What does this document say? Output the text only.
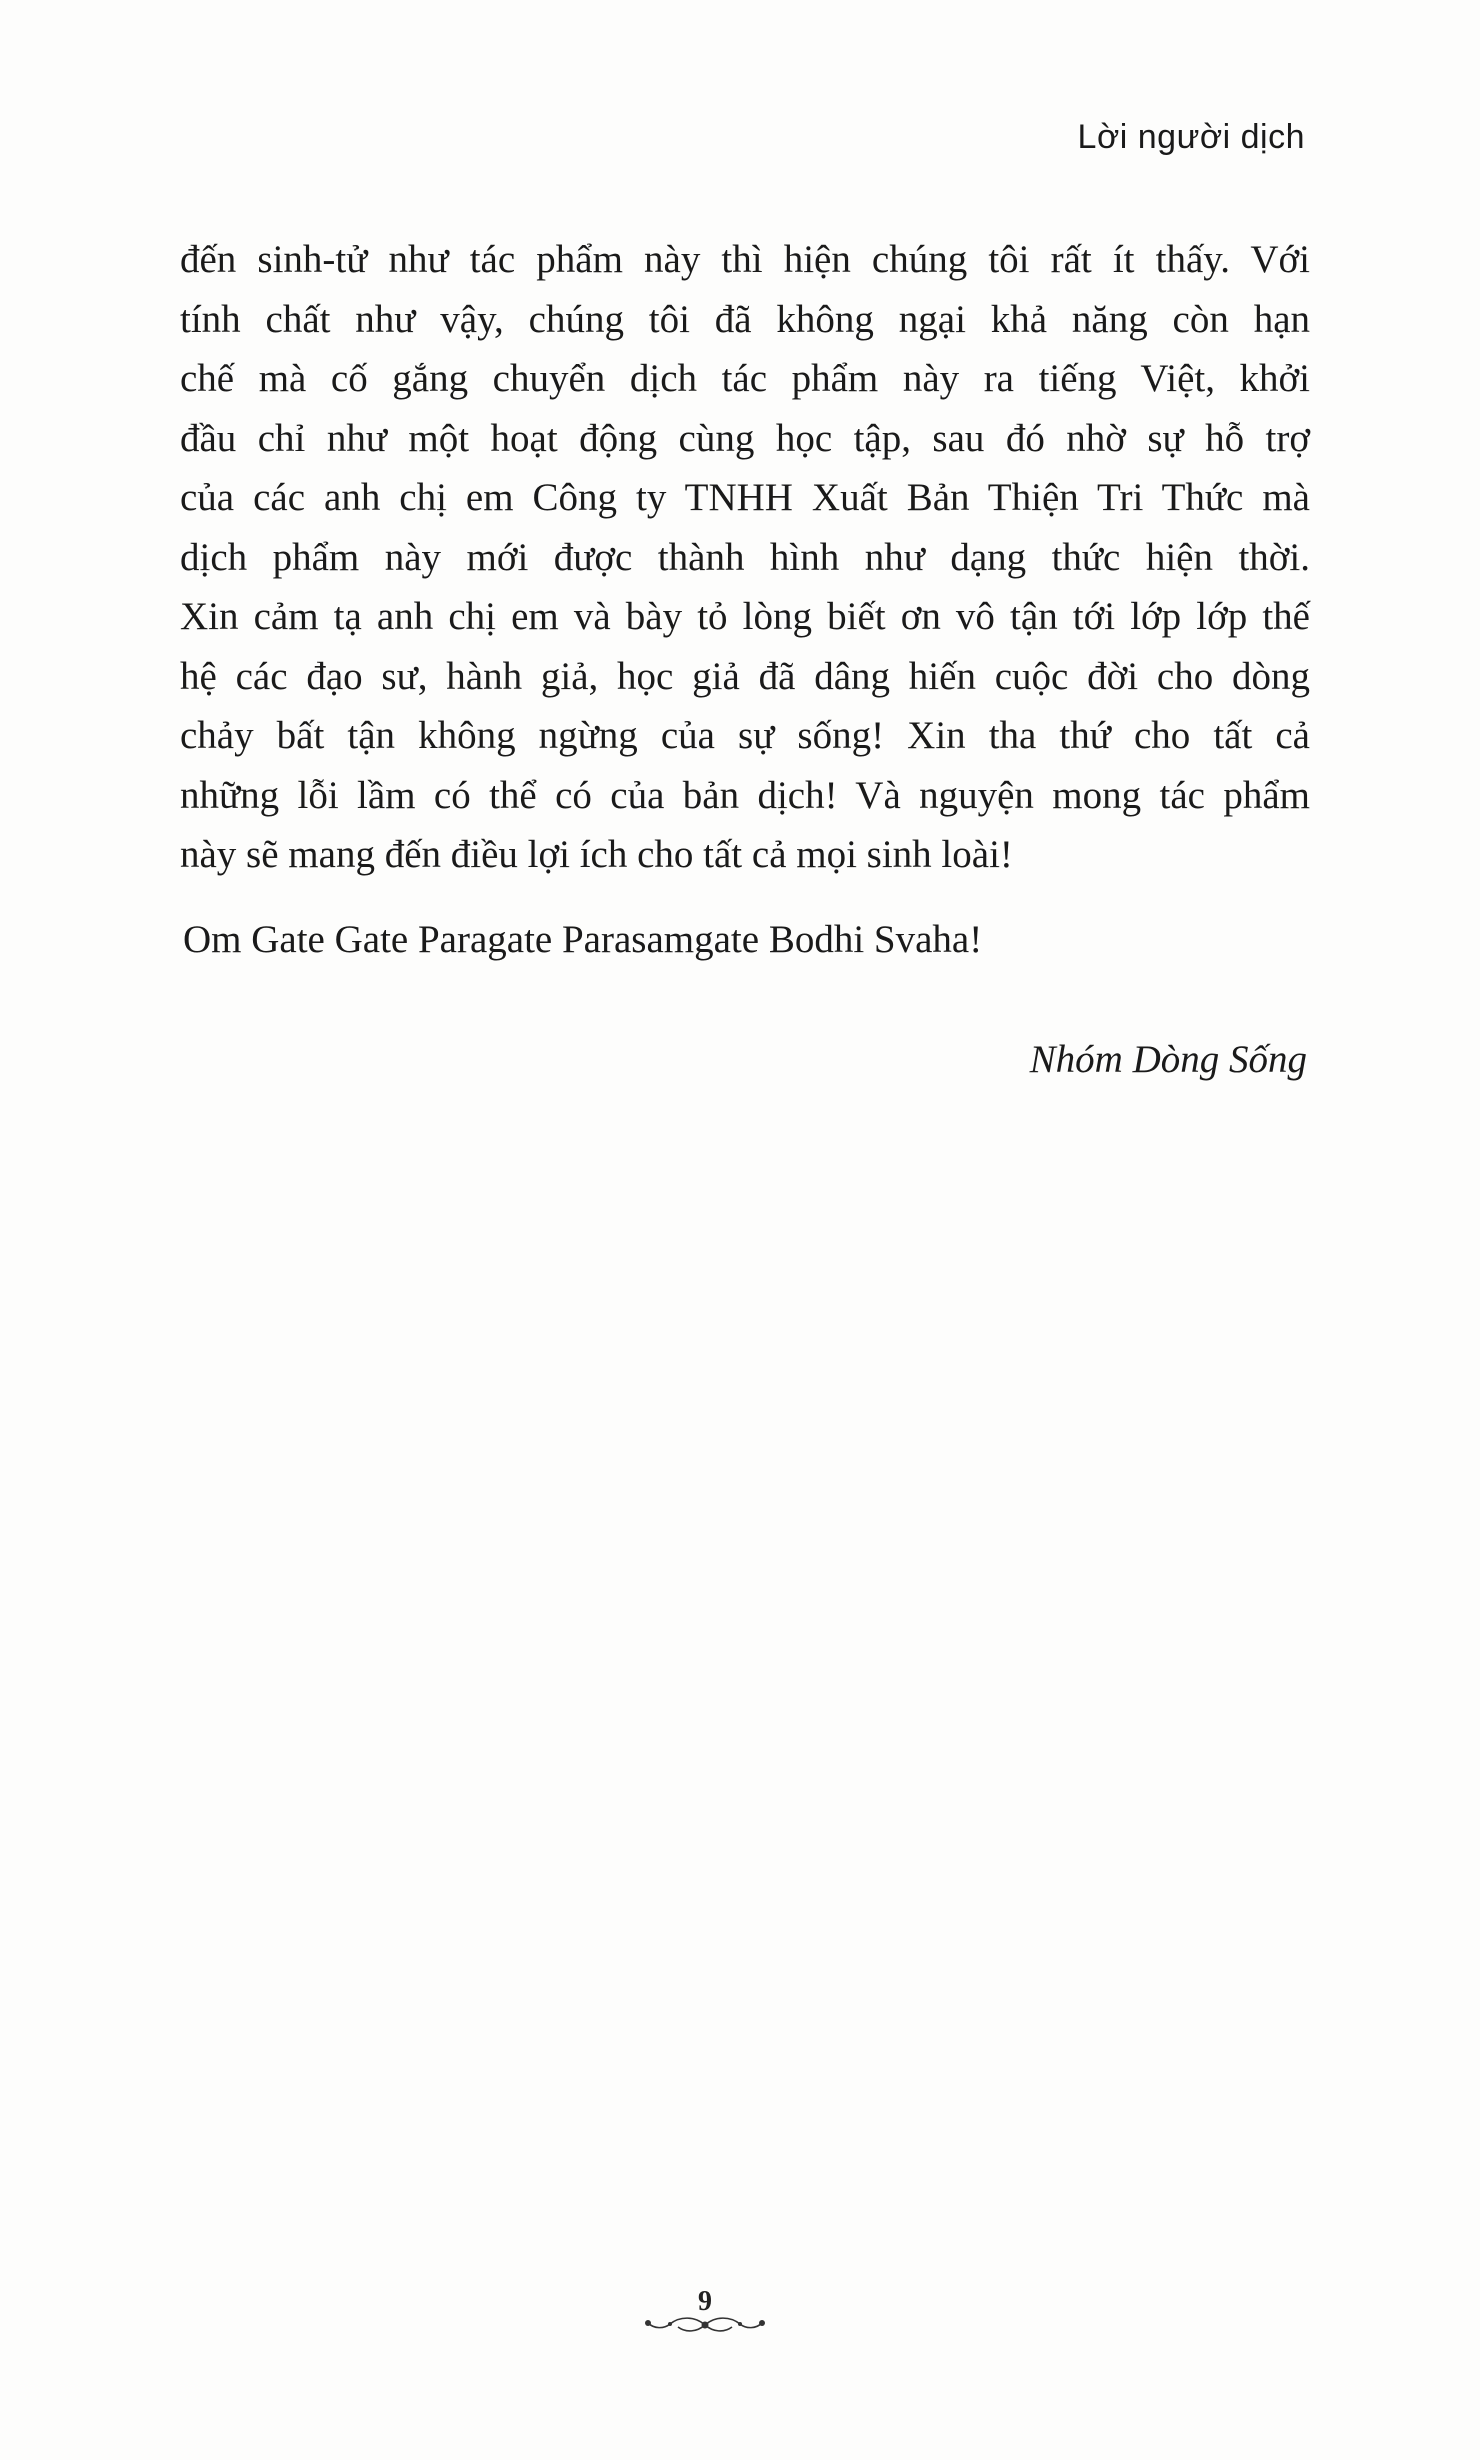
Lời người dịch
đến sinh-tử như tác phẩm này thì hiện chúng tôi rất ít thấy. Với
tính chất như vậy, chúng tôi đã không ngại khả năng còn hạn
chế mà cố gắng chuyển dịch tác phẩm này ra tiếng Việt, khởi
đầu chỉ như một hoạt động cùng học tập, sau đó nhờ sự hỗ trợ
của các anh chị em Công ty TNHH Xuất Bản Thiện Tri Thức mà
dịch phẩm này mới được thành hình như dạng thức hiện thời.
Xin cảm tạ anh chị em và bày tỏ lòng biết ơn vô tận tới lớp lớp thế
hệ các đạo sư, hành giả, học giả đã dâng hiến cuộc đời cho dòng
chảy bất tận không ngừng của sự sống! Xin tha thứ cho tất cả
những lỗi lầm có thể có của bản dịch! Và nguyện mong tác phẩm
này sẽ mang đến điều lợi ích cho tất cả mọi sinh loài!
Om Gate Gate Paragate Parasamgate Bodhi Svaha!
Nhóm Dòng Sống
9
